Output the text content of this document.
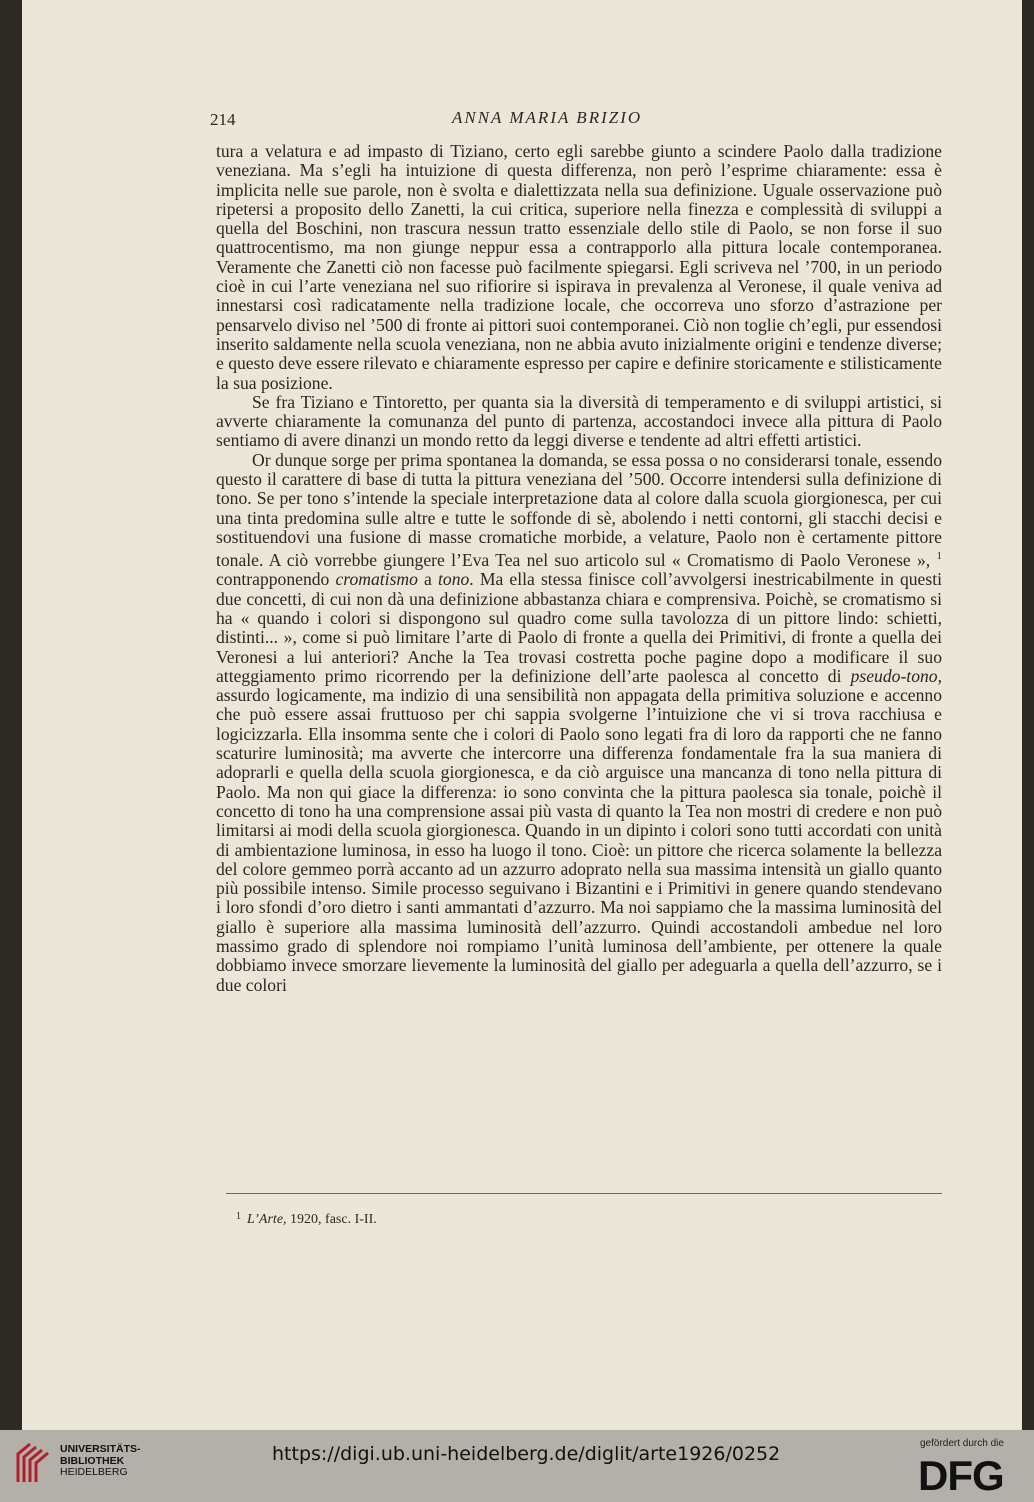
214	ANNA MARIA BRIZIO

tura a velatura e ad impasto di Tiziano, certo egli sarebbe giunto a scindere Paolo dalla tradizione veneziana. Ma s’egli ha intuizione di questa differenza, non però l’esprime chiaramente: essa è implicita nelle sue parole, non è svolta e dialettizzata nella sua definizione. Uguale osservazione può ripetersi a proposito dello Zanetti, la cui critica, superiore nella finezza e complessità di sviluppi a quella del Boschini, non trascura nessun tratto essenziale dello stile di Paolo, se non forse il suo quattrocentismo, ma non giunge neppur essa a contrapporlo alla pittura locale contemporanea. Veramente che Zanetti ciò non facesse può facilmente spiegarsi. Egli scriveva nel ’700, in un periodo cioè in cui l’arte veneziana nel suo rifiorire si ispirava in prevalenza al Veronese, il quale veniva ad innestarsi così radicatamente nella tradizione locale, che occorreva uno sforzo d’astrazione per pensarvelo diviso nel ’500 di fronte ai pittori suoi contemporanei. Ciò non toglie ch’egli, pur essendosi inserito saldamente nella scuola veneziana, non ne abbia avuto inizialmente origini e tendenze diverse; e questo deve essere rilevato e chiaramente espresso per capire e definire storicamente e stilisticamente la sua posizione.

Se fra Tiziano e Tintoretto, per quanta sia la diversità di temperamento e di sviluppi artistici, si avverte chiaramente la comunanza del punto di partenza, accostandoci invece alla pittura di Paolo sentiamo di avere dinanzi un mondo retto da leggi diverse e tendente ad altri effetti artistici.

Or dunque sorge per prima spontanea la domanda, se essa possa o no considerarsi tonale, essendo questo il carattere di base di tutta la pittura veneziana del ’500. Occorre intendersi sulla definizione di tono. Se per tono s’intende la speciale interpretazione data al colore dalla scuola giorgionesca, per cui una tinta predomina sulle altre e tutte le soffonde di sè, abolendo i netti contorni, gli stacchi decisi e sostituendovi una fusione di masse cromatiche morbide, a velature, Paolo non è certamente pittore tonale. A ciò vorrebbe giungere l’Eva Tea nel suo articolo sul « Cromatismo di Paolo Veronese », $^1$ contrapponendo cromatismo a tono. Ma ella stessa finisce coll’avvolgersi inestricabilmente in questi due concetti, di cui non dà una definizione abbastanza chiara e comprensiva. Poichè, se cromatismo si ha « quando i colori si dispongono sul quadro come sulla tavolozza di un pittore lindo: schietti, distinti... », come si può limitare l’arte di Paolo di fronte a quella dei Primitivi, di fronte a quella dei Veronesi a lui anteriori? Anche la Tea trovasi costretta poche pagine dopo a modificare il suo atteggiamento primo ricorrendo per la definizione dell’arte paolesca al concetto di pseudo-tono, assurdo logicamente, ma indizio di una sensibilità non appagata della primitiva soluzione e accenno che può essere assai fruttuoso per chi sappia svolgerne l’intuizione che vi si trova racchiusa e logicizzarla. Ella insomma sente che i colori di Paolo sono legati fra di loro da rapporti che ne fanno scaturire luminosità; ma avverte che intercorre una differenza fondamentale fra la sua maniera di adoprarli e quella della scuola giorgionesca, e da ciò arguisce una mancanza di tono nella pittura di Paolo. Ma non qui giace la differenza: io sono convinta che la pittura paolesca sia tonale, poichè il concetto di tono ha una comprensione assai più vasta di quanto la Tea non mostri di credere e non può limitarsi ai modi della scuola giorgionesca. Quando in un dipinto i colori sono tutti accordati con unità di ambientazione luminosa, in esso ha luogo il tono. Cioè: un pittore che ricerca solamente la bellezza del colore gemmeo porrà accanto ad un azzurro adoprato nella sua massima intensità un giallo quanto più possibile intenso. Simile processo seguivano i Bizantini e i Primitivi in genere quando stendevano i loro sfondi d’oro dietro i santi ammantati d’azzurro. Ma noi sappiamo che la massima luminosità del giallo è superiore alla massima luminosità dell’azzurro. Quindi accostandoli ambedue nel loro massimo grado di splendore noi rompiamo l’unità luminosa dell’ambiente, per ottenere la quale dobbiamo invece smorzare lievemente la luminosità del giallo per adeguarla a quella dell’azzurro, se i due colori

$^1$ L’Arte, 1920, fasc. I-II.
UNIVERSITÄTS-
BIBLIOTHEK
HEIDELBERG
https://digi.ub.uni-heidelberg.de/diglit/arte1926/0252	gefördert durch die
DFG
